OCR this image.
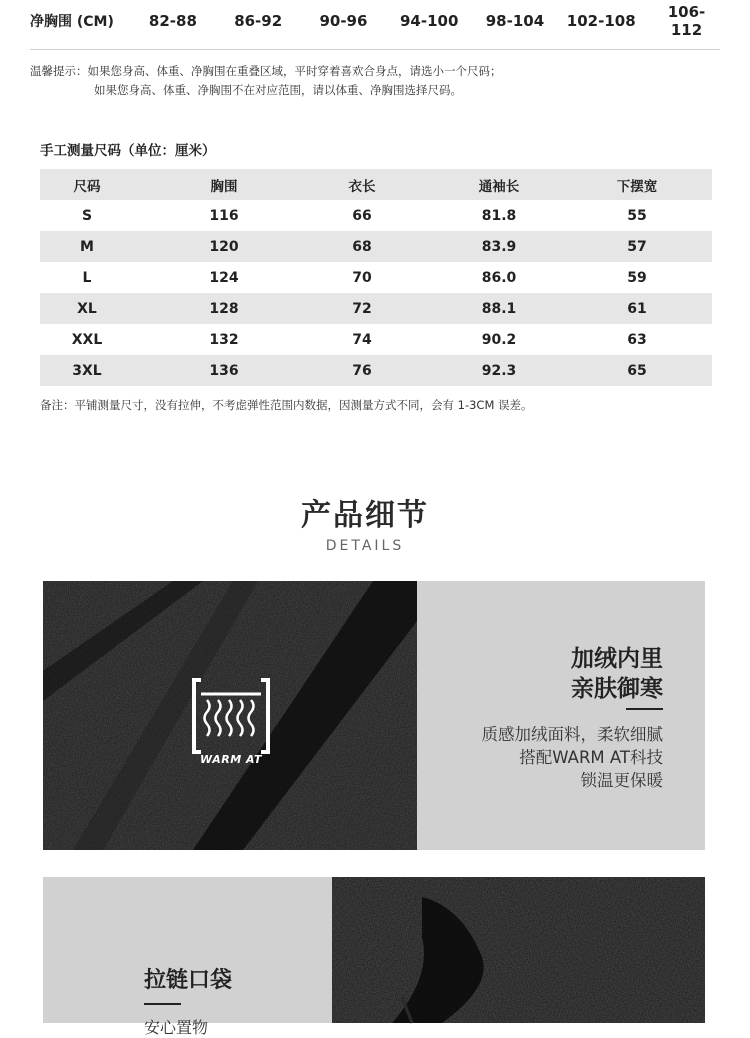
净胸围 (CM)	82-88	86-92	90-96	94-100	98-104	102-108	106-112
温馨提示：如果您身高、体重、净胸围在重叠区域，平时穿着喜欢合身点，请选小一个尺码；
如果您身高、体重、净胸围不在对应范围，请以体重、净胸围选择尺码。
手工测量尺码（单位：厘米）
尺码	胸围	衣长	通袖长	下摆宽
S	116	66	81.8	55
M	120	68	83.9	57
L	124	70	86.0	59
XL	128	72	88.1	61
XXL	132	74	90.2	63
3XL	136	76	92.3	65
备注：平铺测量尺寸，没有拉伸，不考虑弹性范围内数据，因测量方式不同，会有 1-3CM 误差。
产品细节
DETAILS
WARM AT
加绒内里
亲肤御寒
质感加绒面料，柔软细腻
搭配WARM AT科技
锁温更保暖
拉链口袋
安心置物
